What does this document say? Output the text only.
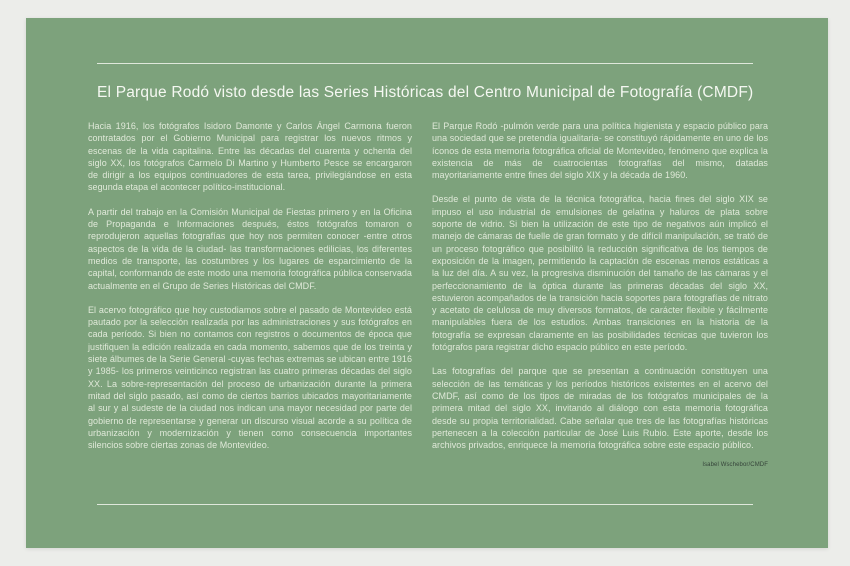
El Parque Rodó visto desde las Series Históricas del Centro Municipal de Fotografía (CMDF)

Hacia 1916, los fotógrafos Isidoro Damonte y Carlos Ángel Carmona fueron contratados por el Gobierno Municipal para registrar los nuevos ritmos y escenas de la vida capitalina. Entre las décadas del cuarenta y ochenta del siglo XX, los fotógrafos Carmelo Di Martino y Humberto Pesce se encargaron de dirigir a los equipos continuadores de esta tarea, privilegiándose en esta segunda etapa el acontecer político-institucional.

A partir del trabajo en la Comisión Municipal de Fiestas primero y en la Oficina de Propaganda e Informaciones después, éstos fotógrafos tomaron o reprodujeron aquellas fotografías que hoy nos permiten conocer -entre otros aspectos de la vida de la ciudad- las transformaciones edilicias, los diferentes medios de transporte, las costumbres y los lugares de esparcimiento de la capital, conformando de este modo una memoria fotográfica pública conservada actualmente en el Grupo de Series Históricas del CMDF.

El acervo fotográfico que hoy custodiamos sobre el pasado de Montevideo está pautado por la selección realizada por las administraciones y sus fotógrafos en cada período. Si bien no contamos con registros o documentos de época que justifiquen la edición realizada en cada momento, sabemos que de los treinta y siete álbumes de la Serie General -cuyas fechas extremas se ubican entre 1916 y 1985- los primeros veinticinco registran las cuatro primeras décadas del siglo XX. La sobre-representación del proceso de urbanización durante la primera mitad del siglo pasado, así como de ciertos barrios ubicados mayoritariamente al sur y al sudeste de la ciudad nos indican una mayor necesidad por parte del gobierno de representarse y generar un discurso visual acorde a su política de urbanización y modernización y tienen como consecuencia importantes silencios sobre ciertas zonas de Montevideo.

El Parque Rodó -pulmón verde para una política higienista y espacio público para una sociedad que se pretendía igualitaria- se constituyó rápidamente en uno de los íconos de esta memoria fotográfica oficial de Montevideo, fenómeno que explica la existencia de más de cuatrocientas fotografías del mismo, datadas mayoritariamente entre fines del siglo XIX y la década de 1960.

Desde el punto de vista de la técnica fotográfica, hacia fines del siglo XIX se impuso el uso industrial de emulsiones de gelatina y haluros de plata sobre soporte de vidrio. Si bien la utilización de este tipo de negativos aún implicó el manejo de cámaras de fuelle de gran formato y de difícil manipulación, se trató de un proceso fotográfico que posibilitó la reducción significativa de los tiempos de exposición de la imagen, permitiendo la captación de escenas menos estáticas a la luz del día. A su vez, la progresiva disminución del tamaño de las cámaras y el perfeccionamiento de la óptica durante las primeras décadas del siglo XX, estuvieron acompañados de la transición hacia soportes para fotografías de nitrato y acetato de celulosa de muy diversos formatos, de carácter flexible y fácilmente manipulables fuera de los estudios. Ambas transiciones en la historia de la fotografía se expresan claramente en las posibilidades técnicas que tuvieron los fotógrafos para registrar dicho espacio público en este período.

Las fotografías del parque que se presentan a continuación constituyen una selección de las temáticas y los períodos históricos existentes en el acervo del CMDF, así como de los tipos de miradas de los fotógrafos municipales de la primera mitad del siglo XX, invitando al diálogo con esta memoria fotográfica desde su propia territorialidad. Cabe señalar que tres de las fotografías históricas pertenecen a la colección particular de José Luis Rubio. Este aporte, desde los archivos privados, enriquece la memoria fotográfica sobre este espacio público.

Isabel Wschebor/CMDF
